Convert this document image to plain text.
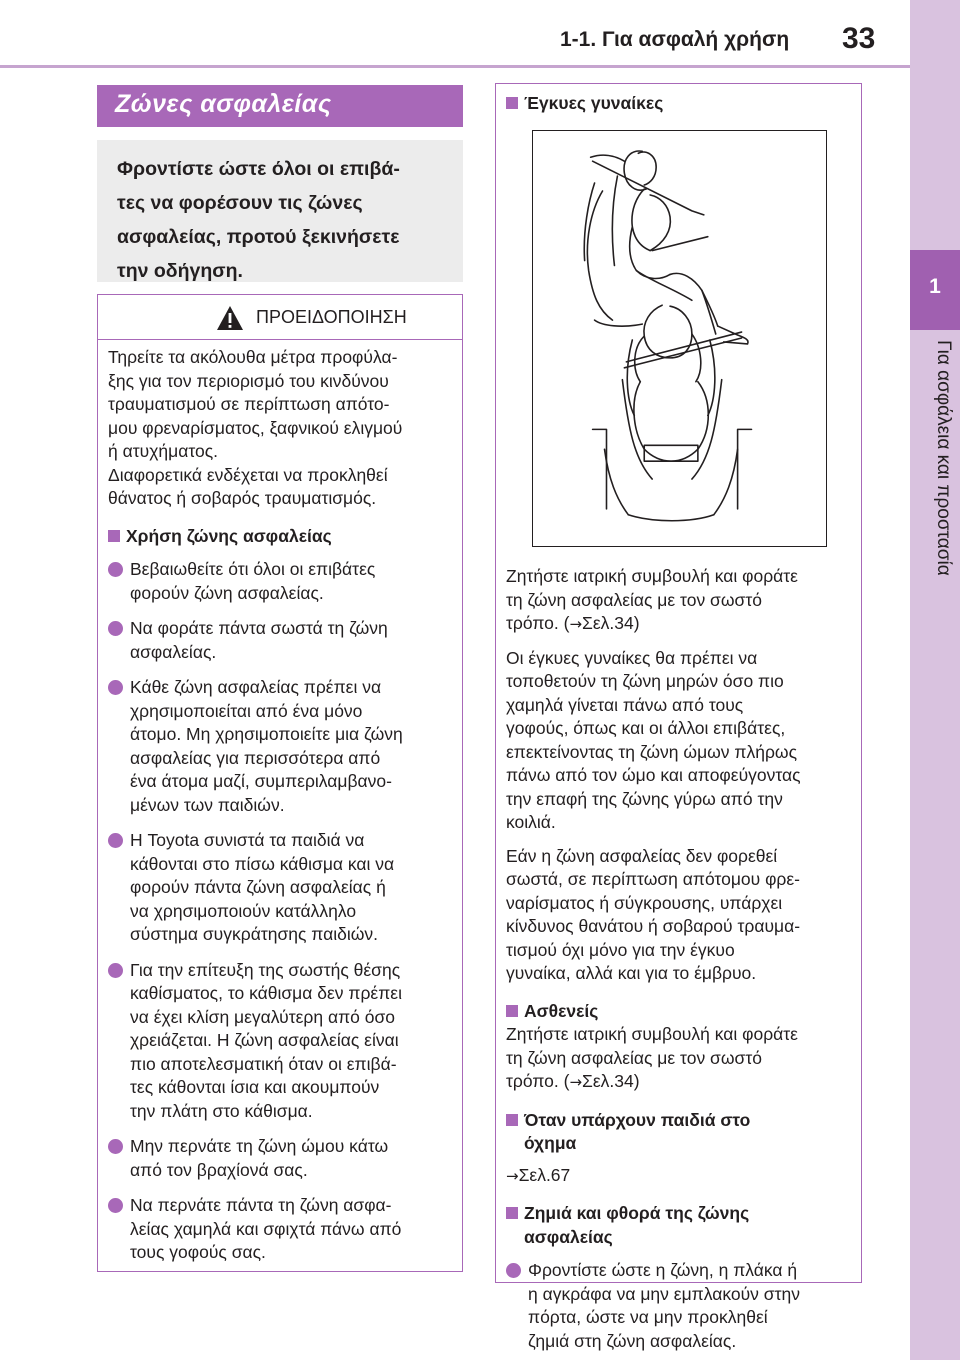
1-1. Για ασφαλή χρήση 33
1
Για ασφάλεια και προστασία
Ζώνες ασφαλείας

Φροντίστε ώστε όλοι οι επιβά-
τες να φορέσουν τις ζώνες
ασφαλείας, προτού ξεκινήσετε
την οδήγηση.

ΠΡΟΕΙΔΟΠΟΙΗΣΗ

Τηρείτε τα ακόλουθα μέτρα προφύλα-
ξης για τον περιορισμό του κινδύνου
τραυματισμού σε περίπτωση απότο-
μου φρεναρίσματος, ξαφνικού ελιγμού
ή ατυχήματος.
Διαφορετικά ενδέχεται να προκληθεί
θάνατος ή σοβαρός τραυματισμός.

Χρήση ζώνης ασφαλείας
Βεβαιωθείτε ότι όλοι οι επιβάτες
φορούν ζώνη ασφαλείας.
Να φοράτε πάντα σωστά τη ζώνη
ασφαλείας.
Κάθε ζώνη ασφαλείας πρέπει να
χρησιμοποιείται από ένα μόνο
άτομο. Μη χρησιμοποιείτε μια ζώνη
ασφαλείας για περισσότερα από
ένα άτομα μαζί, συμπεριλαμβανο-
μένων των παιδιών.
Η Toyota συνιστά τα παιδιά να
κάθονται στο πίσω κάθισμα και να
φορούν πάντα ζώνη ασφαλείας ή
να χρησιμοποιούν κατάλληλο
σύστημα συγκράτησης παιδιών.
Για την επίτευξη της σωστής θέσης
καθίσματος, το κάθισμα δεν πρέπει
να έχει κλίση μεγαλύτερη από όσο
χρειάζεται. Η ζώνη ασφαλείας είναι
πιο αποτελεσματική όταν οι επιβά-
τες κάθονται ίσια και ακουμπούν
την πλάτη στο κάθισμα.
Μην περνάτε τη ζώνη ώμου κάτω
από τον βραχίονά σας.
Να περνάτε πάντα τη ζώνη ασφα-
λείας χαμηλά και σφιχτά πάνω από
τους γοφούς σας.
Έγκυες γυναίκες

Ζητήστε ιατρική συμβουλή και φοράτε
τη ζώνη ασφαλείας με τον σωστό
τρόπο. (→Σελ.34)

Οι έγκυες γυναίκες θα πρέπει να
τοποθετούν τη ζώνη μηρών όσο πιο
χαμηλά γίνεται πάνω από τους
γοφούς, όπως και οι άλλοι επιβάτες,
επεκτείνοντας τη ζώνη ώμων πλήρως
πάνω από τον ώμο και αποφεύγοντας
την επαφή της ζώνης γύρω από την
κοιλιά.

Εάν η ζώνη ασφαλείας δεν φορεθεί
σωστά, σε περίπτωση απότομου φρε-
ναρίσματος ή σύγκρουσης, υπάρχει
κίνδυνος θανάτου ή σοβαρού τραυμα-
τισμού όχι μόνο για την έγκυο
γυναίκα, αλλά και για το έμβρυο.

Ασθενείς

Ζητήστε ιατρική συμβουλή και φοράτε
τη ζώνη ασφαλείας με τον σωστό
τρόπο. (→Σελ.34)

Όταν υπάρχουν παιδιά στο
όχημα

→Σελ.67

Ζημιά και φθορά της ζώνης
ασφαλείας
Φροντίστε ώστε η ζώνη, η πλάκα ή
η αγκράφα να μην εμπλακούν στην
πόρτα, ώστε να μην προκληθεί
ζημιά στη ζώνη ασφαλείας.
